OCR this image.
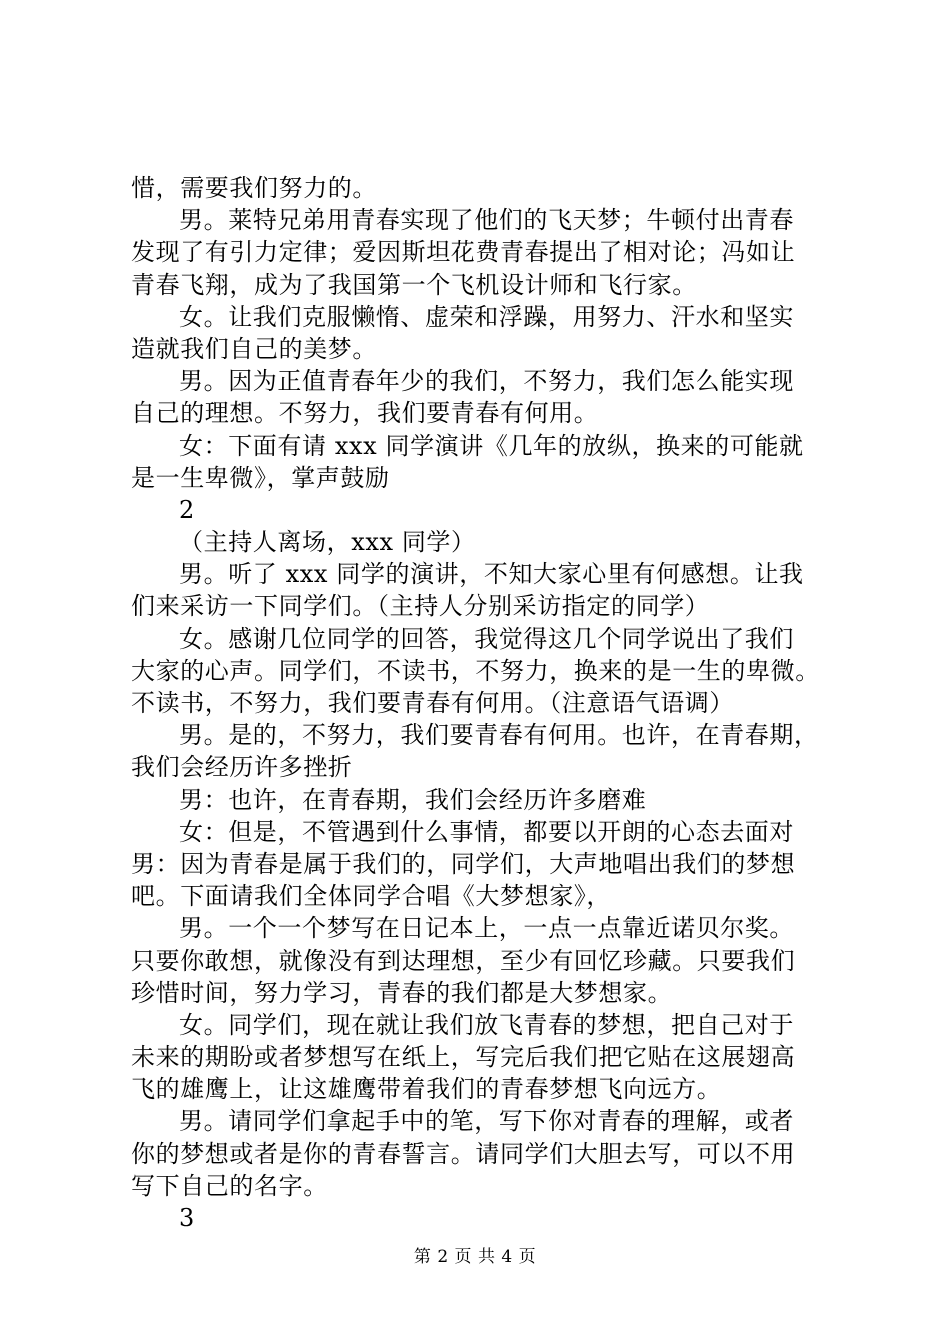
惜，需要我们努力的。
男。莱特兄弟用青春实现了他们的飞天梦；牛顿付出青春
发现了有引力定律；爱因斯坦花费青春提出了相对论；冯如让
青春飞翔，成为了我国第一个飞机设计师和飞行家。
女。让我们克服懒惰、虚荣和浮躁，用努力、汗水和坚实
造就我们自己的美梦。
男。因为正值青春年少的我们，不努力，我们怎么能实现
自己的理想。不努力，我们要青春有何用。
女：下面有请 xxx 同学演讲《几年的放纵，换来的可能就
是一生卑微》，掌声鼓励
2
（主持人离场，xxx 同学）
男。听了 xxx 同学的演讲，不知大家心里有何感想。让我
们来采访一下同学们。（主持人分别采访指定的同学）
女。感谢几位同学的回答，我觉得这几个同学说出了我们
大家的心声。同学们，不读书，不努力，换来的是一生的卑微。
不读书，不努力，我们要青春有何用。（注意语气语调）
男。是的，不努力，我们要青春有何用。也许，在青春期，
我们会经历许多挫折
男：也许，在青春期，我们会经历许多磨难
女：但是，不管遇到什么事情，都要以开朗的心态去面对
男：因为青春是属于我们的，同学们，大声地唱出我们的梦想
吧。下面请我们全体同学合唱《大梦想家》，
男。一个一个梦写在日记本上，一点一点靠近诺贝尔奖。
只要你敢想，就像没有到达理想，至少有回忆珍藏。只要我们
珍惜时间，努力学习，青春的我们都是大梦想家。
女。同学们，现在就让我们放飞青春的梦想，把自己对于
未来的期盼或者梦想写在纸上，写完后我们把它贴在这展翅高
飞的雄鹰上，让这雄鹰带着我们的青春梦想飞向远方。
男。请同学们拿起手中的笔，写下你对青春的理解，或者
你的梦想或者是你的青春誓言。请同学们大胆去写，可以不用
写下自己的名字。
3
第 2 页 共 4 页
